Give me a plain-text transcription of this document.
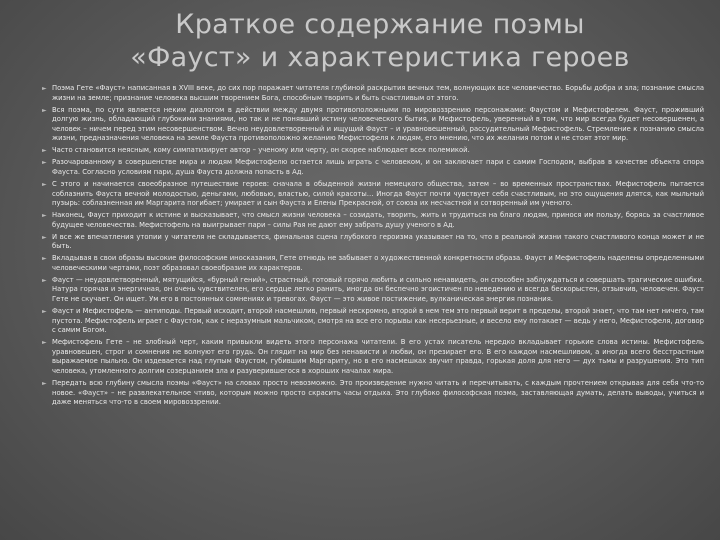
Краткое содержание поэмы
«Фауст» и характеристика героев

► Поэма Гете «Фауст» написанная в XVIII веке, до сих пор поражает читателя глубиной раскрытия вечных тем, волнующих все человечество. Борьбы добра и зла; познание смысла жизни на земле; признание человека высшим творением Бога, способным творить и быть счастливым от этого.

► Вся поэма, по сути является неким диалогом в действии между двумя противоположными по мировоззрению персонажами: Фаустом и Мефистофелем. Фауст, проживший долгую жизнь, обладающий глубокими знаниями, но так и не понявший истину человеческого бытия, и Мефистофель, уверенный в том, что мир всегда будет несовершенен, а человек – ничем перед этим несовершенством. Вечно неудовлетворенный и ищущий Фауст – и уравновешенный, рассудительный Мефистофель. Стремление к познанию смысла жизни, предназначения человека на земле Фауста противоположно желанию Мефистофеля к людям, его мнению, что их желания потом и не стоят этот мир.

► Часто становится неясным, кому симпатизирует автор – ученому или черту, он скорее наблюдает всех полемикой.

► Разочарованному в совершенстве мира и людям Мефистофелю остается лишь играть с человеком, и он заключает пари с самим Господом, выбрав в качестве объекта спора Фауста. Согласно условиям пари, душа Фауста должна попасть в Ад.

► С этого и начинается своеобразное путешествие героев: сначала в обыденной жизни немецкого общества, затем – во временных пространствах. Мефистофель пытается соблазнить Фауста вечной молодостью, деньгами, любовью, властью, силой красоты… Иногда Фауст почти чувствует себя счастливым, но это ощущения длятся, как мыльный пузырь: соблазненная им Маргарита погибает; умирает и сын Фауста и Елены Прекрасной, от союза их несчастной и сотворенный им ученого.

► Наконец, Фауст приходит к истине и высказывает, что смысл жизни человека – созидать, творить, жить и трудиться на благо людям, принося им пользу, борясь за счастливое будущее человечества. Мефистофель на выигрывает пари – силы Рая не дают ему забрать душу ученого в Ад.

► И все же впечатления утопии у читателя не складывается, финальная сцена глубокого героизма указывает на то, что в реальной жизни такого счастливого конца может и не быть.

► Вкладывая в свои образы высокие философские иносказания, Гете отнюдь не забывает о художественной конкретности образа. Фауст и Мефистофель наделены определенными человеческими чертами, поэт образовал своеобразие их характеров.

► Фауст — неудовлетворенный, мятущийся, «бурный гений», страстный, готовый горячо любить и сильно ненавидеть, он способен заблуждаться и совершать трагические ошибки. Натура горячая и энергичная, он очень чувствителен, его сердце легко ранить, иногда он беспечно эгоистичен по неведению и всегда бескорыстен, отзывчив, человечен. Фауст Гете не скучает. Он ищет. Ум его в постоянных сомнениях и тревогах. Фауст — это живое постижение, вулканическая энергия познания.

► Фауст и Мефистофель — антиподы. Первый исходит, второй насмешлив, первый нескромно, второй в нем тем это первый верит в пределы, второй знает, что там нет ничего, там пустота. Мефистофель играет с Фаустом, как с неразумным мальчиком, смотря на все его порывы как несерьезные, и весело ему потакает — ведь у него, Мефистофеля, договор с самим Богом.

► Мефистофель Гете – не злобный черт, каким привыкли видеть этого персонажа читатели. В его устах писатель нередко вкладывает горькие слова истины. Мефистофель уравновешен, строг и сомнения не волнуют его грудь. Он глядит на мир без ненависти и любви, он презирает его. В его каждом насмешливом, а иногда всего бесстрастным выражаемое пыльно. Он издевается над глупым Фаустом, губившим Маргариту, но в его насмешках звучит правда, горькая доля для него — дух тьмы и разрушения. Это тип человека, утомленного долгим созерцанием зла и разуверившегося в хороших началах мира.

► Передать всю глубину смысла поэмы «Фауст» на словах просто невозможно. Это произведение нужно читать и перечитывать, с каждым прочтением открывая для себя что-то новое. «Фауст» – не развлекательное чтиво, которым можно просто скрасить часы отдыха. Это глубоко философская поэма, заставляющая думать, делать выводы, учиться и даже меняться что-то в своем мировоззрении.
